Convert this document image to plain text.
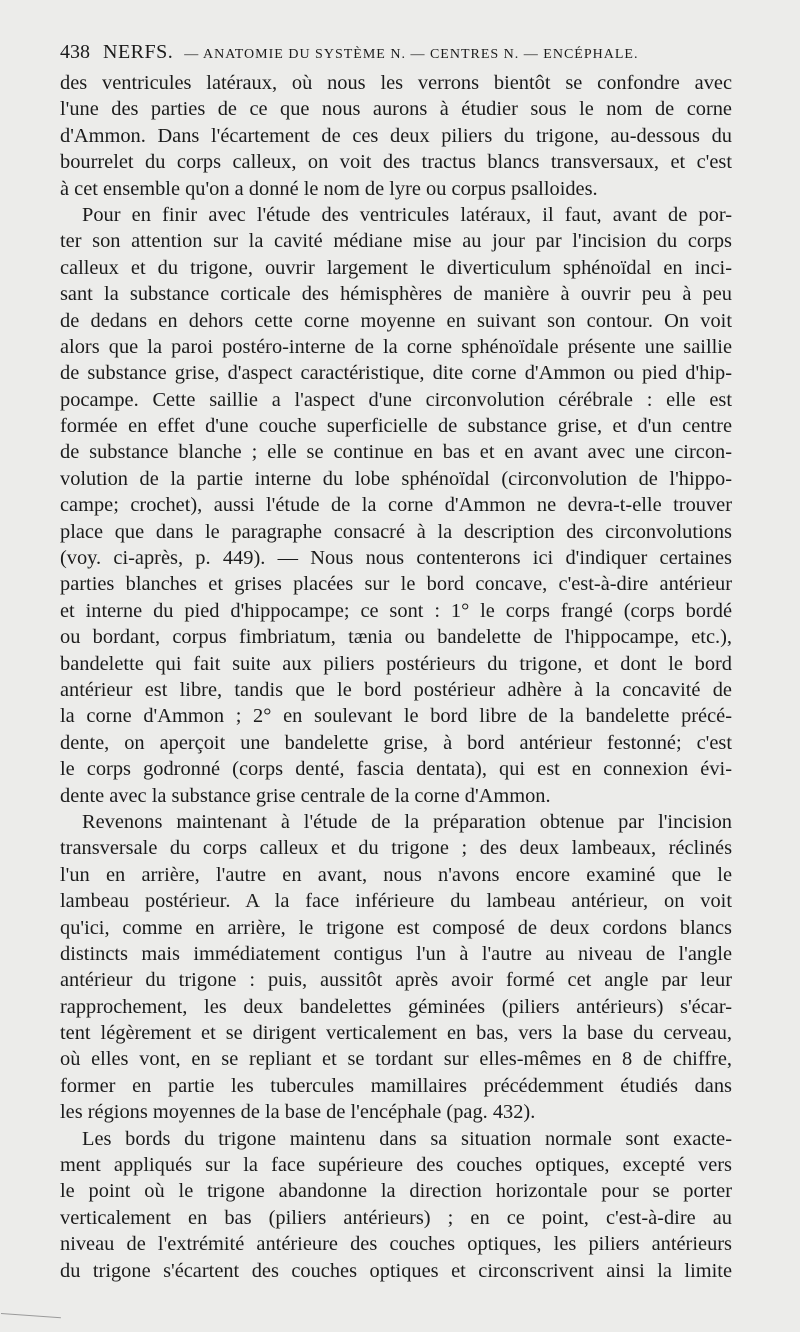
438 NERFS. — ANATOMIE DU SYSTÈME N. — CENTRES N. — ENCÉPHALE.
des ventricules latéraux, où nous les verrons bientôt se confondre avec
l'une des parties de ce que nous aurons à étudier sous le nom de corne
d'Ammon. Dans l'écartement de ces deux piliers du trigone, au-dessous du
bourrelet du corps calleux, on voit des tractus blancs transversaux, et c'est
à cet ensemble qu'on a donné le nom de lyre ou corpus psalloides.
Pour en finir avec l'étude des ventricules latéraux, il faut, avant de por-
ter son attention sur la cavité médiane mise au jour par l'incision du corps
calleux et du trigone, ouvrir largement le diverticulum sphénoïdal en inci-
sant la substance corticale des hémisphères de manière à ouvrir peu à peu
de dedans en dehors cette corne moyenne en suivant son contour. On voit
alors que la paroi postéro-interne de la corne sphénoïdale présente une saillie
de substance grise, d'aspect caractéristique, dite corne d'Ammon ou pied d'hip-
pocampe. Cette saillie a l'aspect d'une circonvolution cérébrale : elle est
formée en effet d'une couche superficielle de substance grise, et d'un centre
de substance blanche ; elle se continue en bas et en avant avec une circon-
volution de la partie interne du lobe sphénoïdal (circonvolution de l'hippo-
campe; crochet), aussi l'étude de la corne d'Ammon ne devra-t-elle trouver
place que dans le paragraphe consacré à la description des circonvolutions
(voy. ci-après, p. 449). — Nous nous contenterons ici d'indiquer certaines
parties blanches et grises placées sur le bord concave, c'est-à-dire antérieur
et interne du pied d'hippocampe; ce sont : 1° le corps frangé (corps bordé
ou bordant, corpus fimbriatum, tænia ou bandelette de l'hippocampe, etc.),
bandelette qui fait suite aux piliers postérieurs du trigone, et dont le bord
antérieur est libre, tandis que le bord postérieur adhère à la concavité de
la corne d'Ammon ; 2° en soulevant le bord libre de la bandelette précé-
dente, on aperçoit une bandelette grise, à bord antérieur festonné; c'est
le corps godronné (corps denté, fascia dentata), qui est en connexion évi-
dente avec la substance grise centrale de la corne d'Ammon.
Revenons maintenant à l'étude de la préparation obtenue par l'incision
transversale du corps calleux et du trigone ; des deux lambeaux, réclinés
l'un en arrière, l'autre en avant, nous n'avons encore examiné que le
lambeau postérieur. A la face inférieure du lambeau antérieur, on voit
qu'ici, comme en arrière, le trigone est composé de deux cordons blancs
distincts mais immédiatement contigus l'un à l'autre au niveau de l'angle
antérieur du trigone : puis, aussitôt après avoir formé cet angle par leur
rapprochement, les deux bandelettes géminées (piliers antérieurs) s'écar-
tent légèrement et se dirigent verticalement en bas, vers la base du cerveau,
où elles vont, en se repliant et se tordant sur elles-mêmes en 8 de chiffre,
former en partie les tubercules mamillaires précédemment étudiés dans
les régions moyennes de la base de l'encéphale (pag. 432).
Les bords du trigone maintenu dans sa situation normale sont exacte-
ment appliqués sur la face supérieure des couches optiques, excepté vers
le point où le trigone abandonne la direction horizontale pour se porter
verticalement en bas (piliers antérieurs) ; en ce point, c'est-à-dire au
niveau de l'extrémité antérieure des couches optiques, les piliers antérieurs
du trigone s'écartent des couches optiques et circonscrivent ainsi la limite
